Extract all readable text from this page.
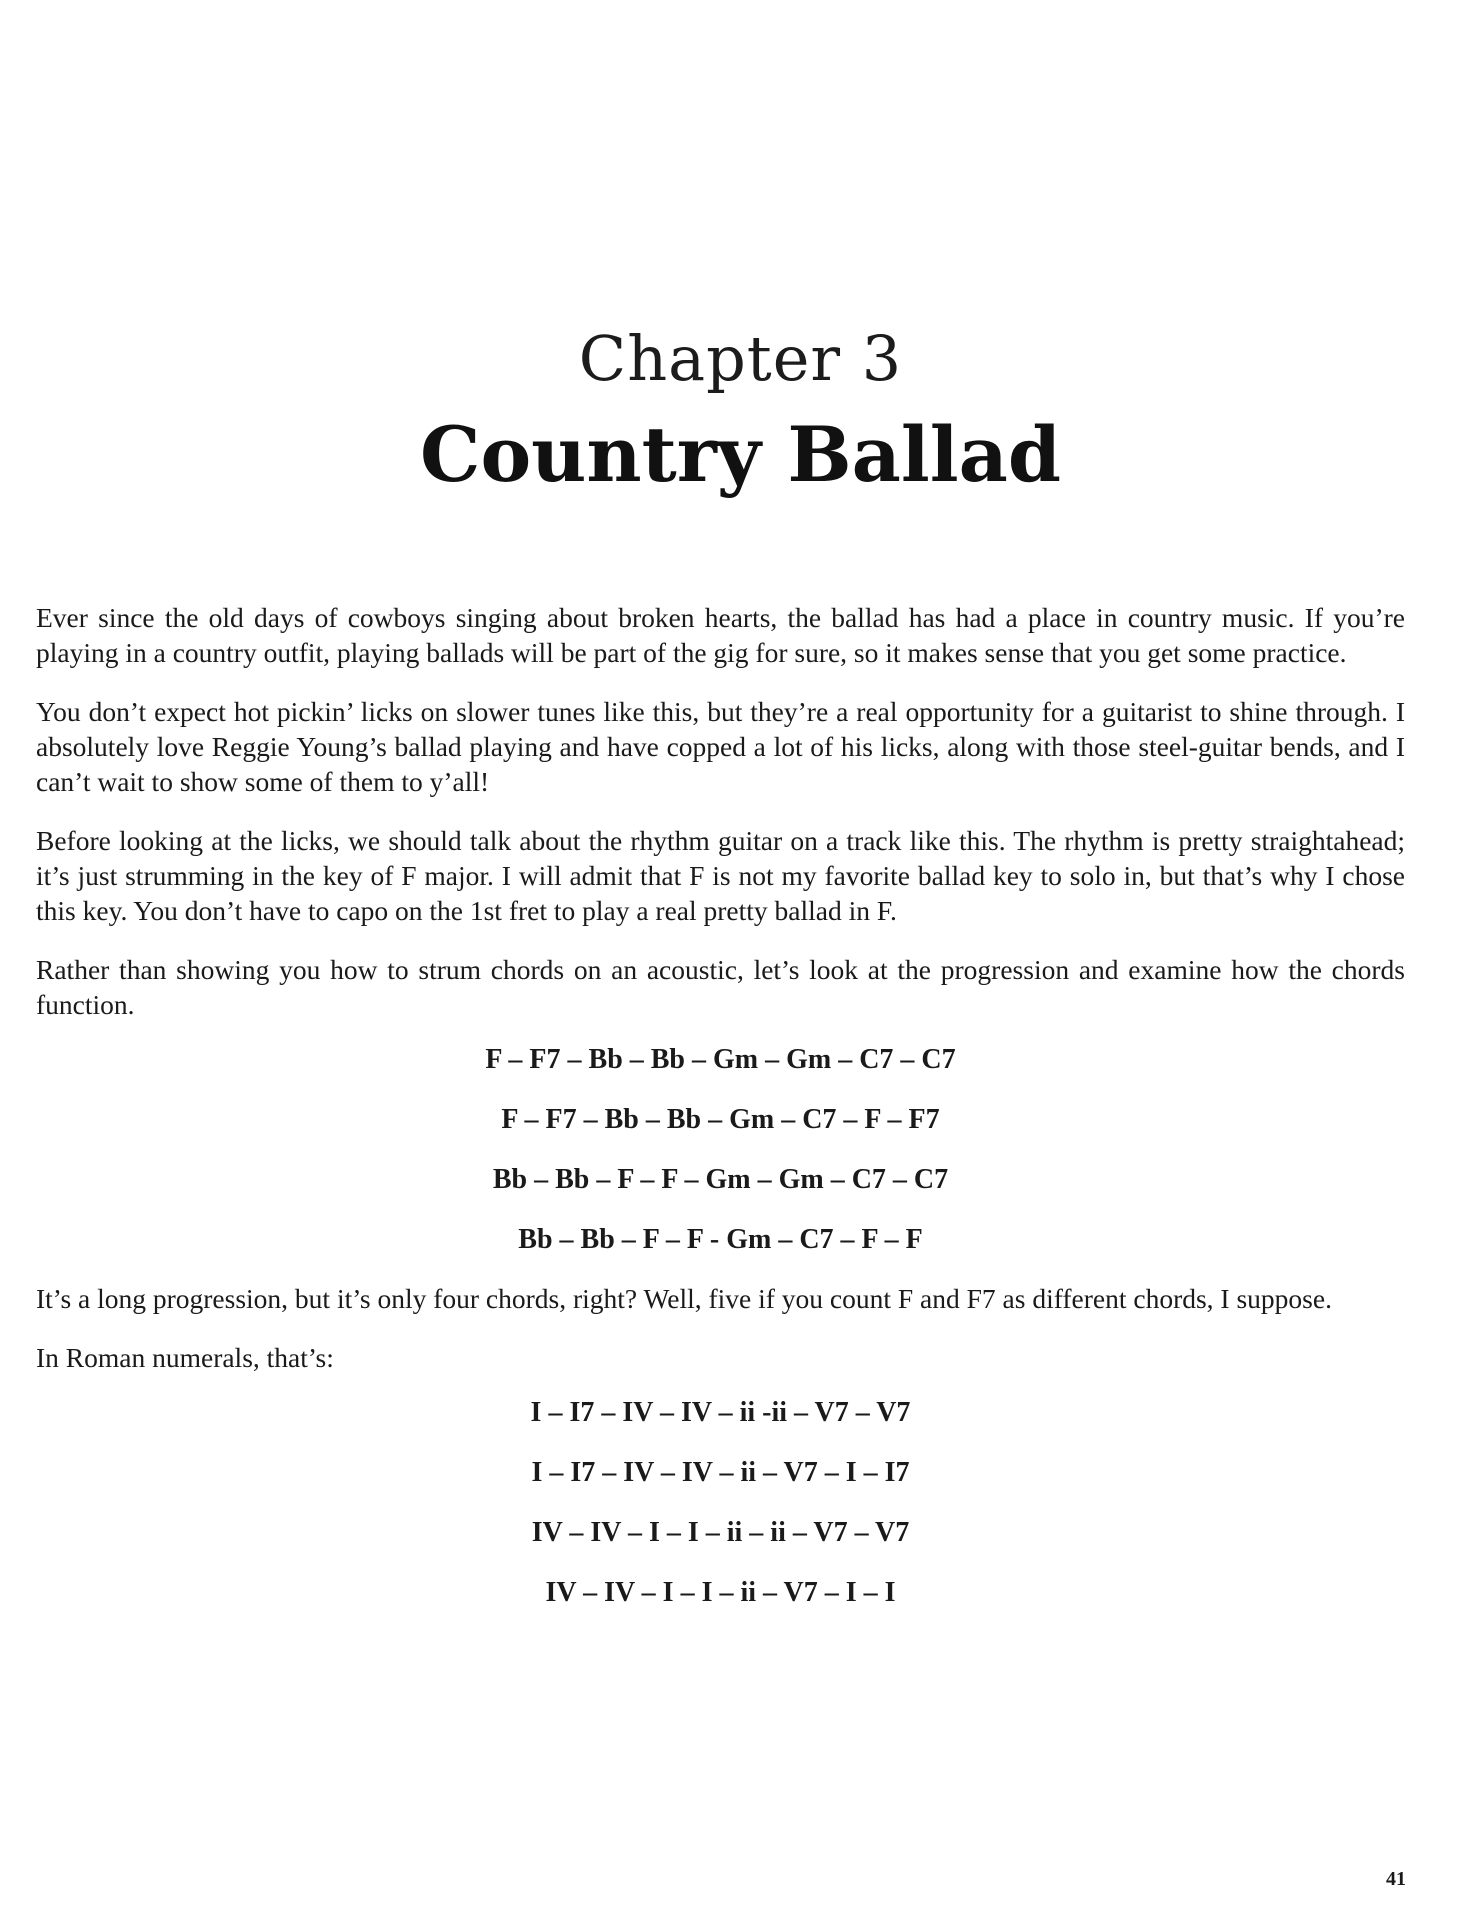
Chapter 3
Country Ballad

Ever since the old days of cowboys singing about broken hearts, the ballad has had a place in country music. If you’re playing in a country outfit, playing ballads will be part of the gig for sure, so it makes sense that you get some practice.

You don’t expect hot pickin’ licks on slower tunes like this, but they’re a real opportunity for a guitarist to shine through. I absolutely love Reggie Young’s ballad playing and have copped a lot of his licks, along with those steel-guitar bends, and I can’t wait to show some of them to y’all!

Before looking at the licks, we should talk about the rhythm guitar on a track like this. The rhythm is pretty straightahead; it’s just strumming in the key of F major. I will admit that F is not my favorite ballad key to solo in, but that’s why I chose this key. You don’t have to capo on the 1st fret to play a real pretty ballad in F.

Rather than showing you how to strum chords on an acoustic, let’s look at the progression and examine how the chords function.

F – F7 – Bb – Bb – Gm – Gm – C7 – C7
F – F7 – Bb – Bb – Gm – C7 – F – F7
Bb – Bb – F – F – Gm – Gm – C7 – C7
Bb – Bb – F – F - Gm – C7 – F – F

It’s a long progression, but it’s only four chords, right? Well, five if you count F and F7 as different chords, I suppose.

In Roman numerals, that’s:

I – I7 – IV – IV – ii -ii – V7 – V7
I – I7 – IV – IV – ii – V7 – I – I7
IV – IV – I – I – ii – ii – V7 – V7
IV – IV – I – I – ii – V7 – I – I
41
